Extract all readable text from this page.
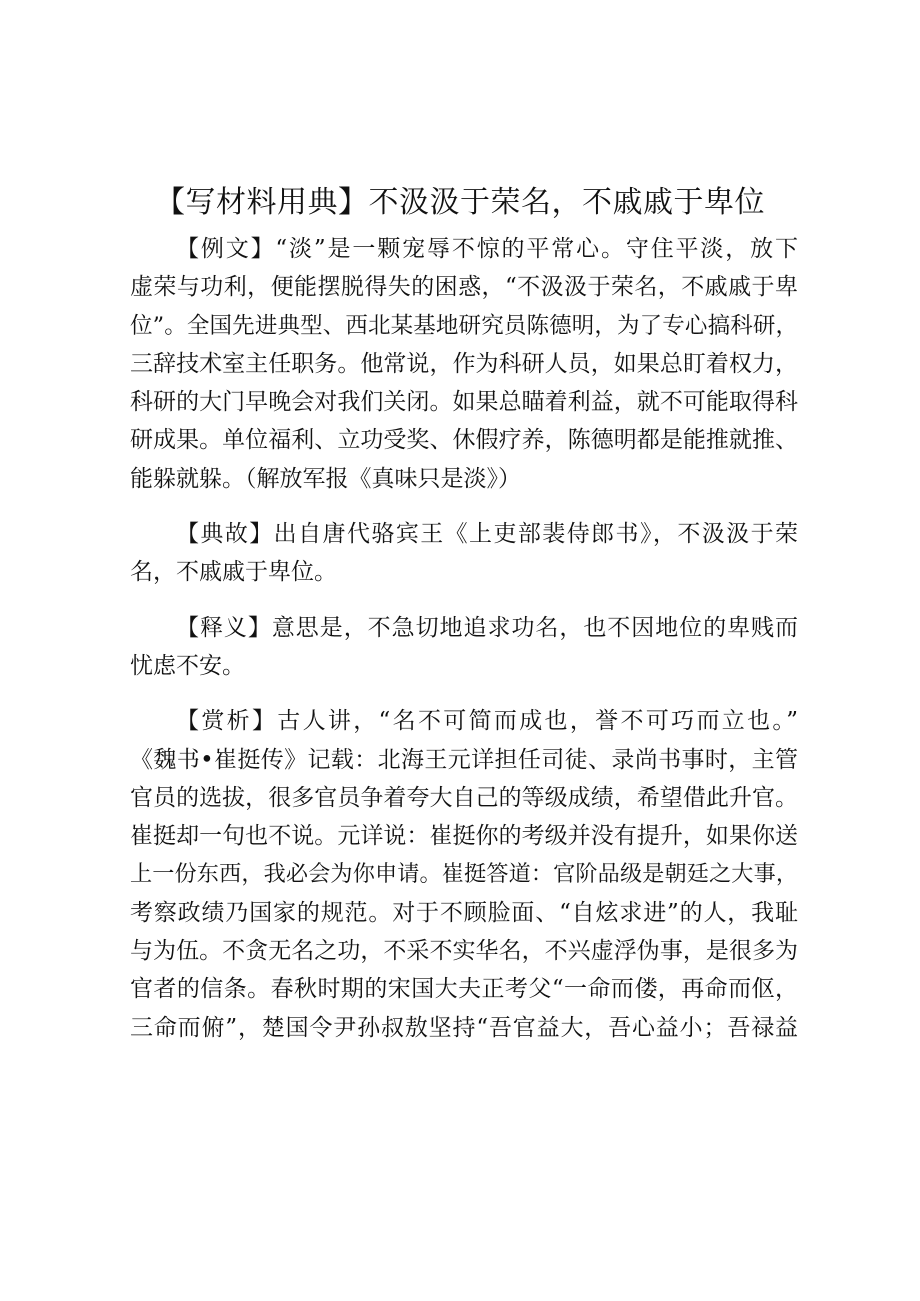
【写材料用典】不汲汲于荣名，不戚戚于卑位
【例文】“淡”是一颗宠辱不惊的平常心。守住平淡，放下
虚荣与功利，便能摆脱得失的困惑，“不汲汲于荣名，不戚戚于卑
位”。全国先进典型、西北某基地研究员陈德明，为了专心搞科研，
三辞技术室主任职务。他常说，作为科研人员，如果总盯着权力，
科研的大门早晚会对我们关闭。如果总瞄着利益，就不可能取得科
研成果。单位福利、立功受奖、休假疗养，陈德明都是能推就推、
能躲就躲。（解放军报《真味只是淡》）
【典故】出自唐代骆宾王《上吏部裴侍郎书》，不汲汲于荣
名，不戚戚于卑位。
【释义】意思是，不急切地追求功名，也不因地位的卑贱而
忧虑不安。
【赏析】古人讲，“名不可简而成也，誉不可巧而立也。”
《魏书•崔挺传》记载：北海王元详担任司徒、录尚书事时，主管
官员的选拔，很多官员争着夸大自己的等级成绩，希望借此升官。
崔挺却一句也不说。元详说：崔挺你的考级并没有提升，如果你送
上一份东西，我必会为你申请。崔挺答道：官阶品级是朝廷之大事，
考察政绩乃国家的规范。对于不顾脸面、“自炫求进”的人，我耻
与为伍。不贪无名之功，不采不实华名，不兴虚浮伪事，是很多为
官者的信条。春秋时期的宋国大夫正考父“一命而偻，再命而伛，
三命而俯”，楚国令尹孙叔敖坚持“吾官益大，吾心益小；吾禄益
